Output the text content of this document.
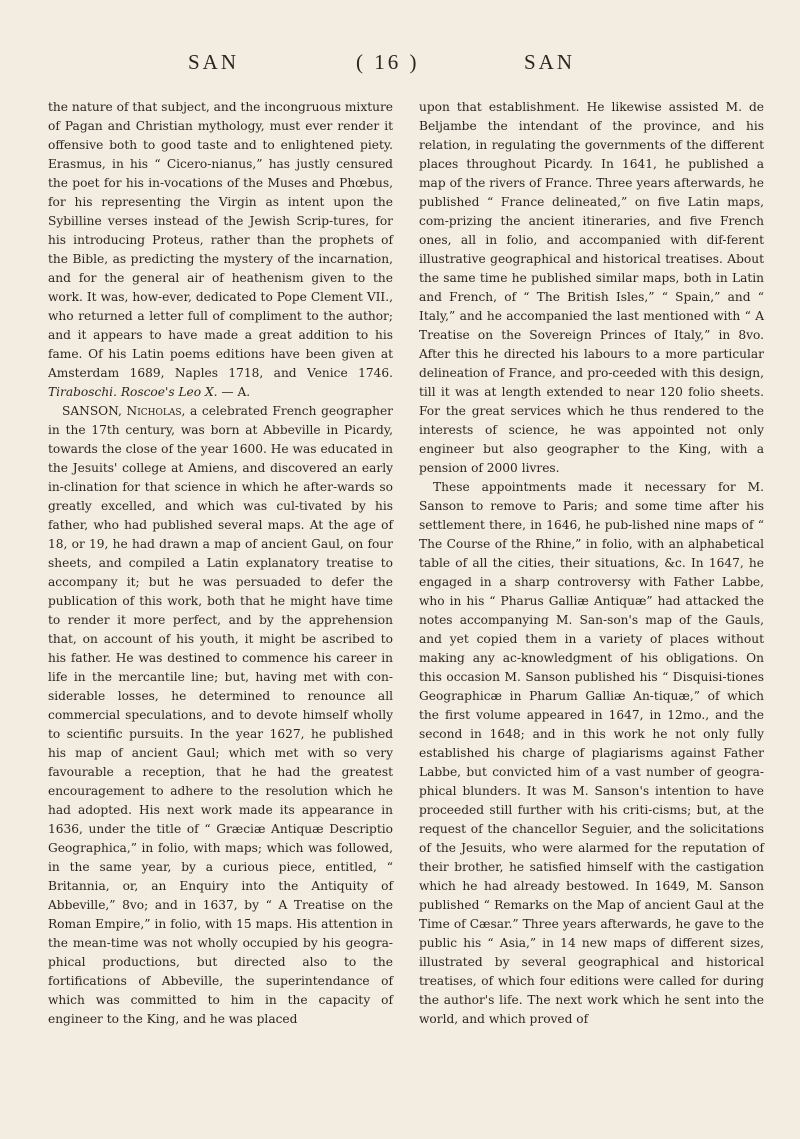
SAN	( 16 )	SAN

the nature of that subject, and the incongruous mixture of Pagan and Christian mythology, must ever render it offensive both to good taste and to enlightened piety. Erasmus, in his “ Cicero-nianus,” has justly censured the poet for his in-vocations of the Muses and Phœbus, for his representing the Virgin as intent upon the Sybilline verses instead of the Jewish Scrip-tures, for his introducing Proteus, rather than the prophets of the Bible, as predicting the mystery of the incarnation, and for the general air of heathenism given to the work. It was, how-ever, dedicated to Pope Clement VII., who returned a letter full of compliment to the author; and it appears to have made a great addition to his fame. Of his Latin poems editions have been given at Amsterdam 1689, Naples 1718, and Venice 1746. Tiraboschi. Roscoe's Leo X. — A.

SANSON, Nicholas, a celebrated French geographer in the 17th century, was born at Abbeville in Picardy, towards the close of the year 1600. He was educated in the Jesuits' college at Amiens, and discovered an early in-clination for that science in which he after-wards so greatly excelled, and which was cul-tivated by his father, who had published several maps. At the age of 18, or 19, he had drawn a map of ancient Gaul, on four sheets, and compiled a Latin explanatory treatise to accompany it; but he was persuaded to defer the publication of this work, both that he might have time to render it more perfect, and by the apprehension that, on account of his youth, it might be ascribed to his father. He was destined to commence his career in life in the mercantile line; but, having met with con-siderable losses, he determined to renounce all commercial speculations, and to devote himself wholly to scientific pursuits. In the year 1627, he published his map of ancient Gaul; which met with so very favourable a reception, that he had the greatest encouragement to adhere to the resolution which he had adopted. His next work made its appearance in 1636, under the title of “ Græciæ Antiquæ Descriptio Geographica,” in folio, with maps; which was followed, in the same year, by a curious piece, entitled, “ Britannia, or, an Enquiry into the Antiquity of Abbeville,” 8vo; and in 1637, by “ A Treatise on the Roman Empire,” in folio, with 15 maps. His attention in the mean-time was not wholly occupied by his geogra-phical productions, but directed also to the fortifications of Abbeville, the superintendance of which was committed to him in the capacity of engineer to the King, and he was placed

upon that establishment. He likewise assisted M. de Beljambe the intendant of the province, and his relation, in regulating the governments of the different places throughout Picardy. In 1641, he published a map of the rivers of France. Three years afterwards, he published “ France delineated,” on five Latin maps, com-prizing the ancient itineraries, and five French ones, all in folio, and accompanied with dif-ferent illustrative geographical and historical treatises. About the same time he published similar maps, both in Latin and French, of “ The British Isles,” “ Spain,” and “ Italy,” and he accompanied the last mentioned with “ A Treatise on the Sovereign Princes of Italy,” in 8vo. After this he directed his labours to a more particular delineation of France, and pro-ceeded with this design, till it was at length extended to near 120 folio sheets. For the great services which he thus rendered to the interests of science, he was appointed not only engineer but also geographer to the King, with a pension of 2000 livres.

These appointments made it necessary for M. Sanson to remove to Paris; and some time after his settlement there, in 1646, he pub-lished nine maps of “ The Course of the Rhine,” in folio, with an alphabetical table of all the cities, their situations, &c. In 1647, he engaged in a sharp controversy with Father Labbe, who in his “ Pharus Galliæ Antiquæ” had attacked the notes accompanying M. San-son's map of the Gauls, and yet copied them in a variety of places without making any ac-knowledgment of his obligations. On this occasion M. Sanson published his “ Disquisi-tiones Geographicæ in Pharum Galliæ An-tiquæ,” of which the first volume appeared in 1647, in 12mo., and the second in 1648; and in this work he not only fully established his charge of plagiarisms against Father Labbe, but convicted him of a vast number of geogra-phical blunders. It was M. Sanson's intention to have proceeded still further with his criti-cisms; but, at the request of the chancellor Seguier, and the solicitations of the Jesuits, who were alarmed for the reputation of their brother, he satisfied himself with the castigation which he had already bestowed. In 1649, M. Sanson published “ Remarks on the Map of ancient Gaul at the Time of Cæsar.” Three years afterwards, he gave to the public his “ Asia,” in 14 new maps of different sizes, illustrated by several geographical and historical treatises, of which four editions were called for during the author's life. The next work which he sent into the world, and which proved of
